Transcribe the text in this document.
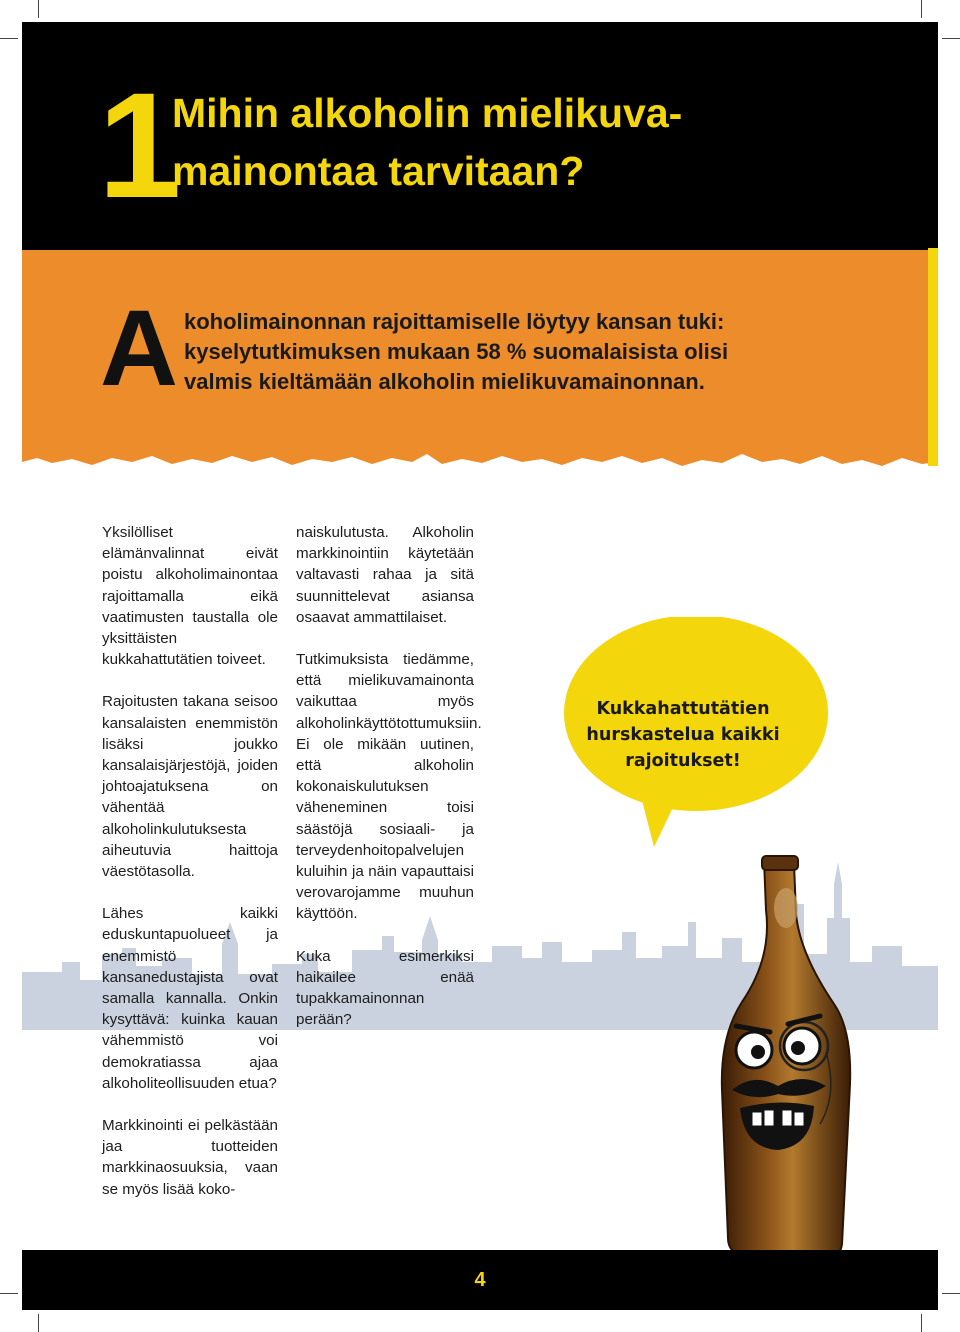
1
Mihin alkoholin mielikuva-
mainontaa tarvitaan?
A koholimainonnan rajoittamiselle löytyy kansan tuki:
kyselytutkimuksen mukaan 58 % suomalaisista olisi
valmis kieltämään alkoholin mielikuvamainonnan.

Yksilölliset elämänvalinnat eivät poistu alkoholimainontaa rajoittamalla eikä vaatimusten taustalla ole yksittäisten kukkahattutätien toiveet.

Rajoitusten takana seisoo kansalaisten enemmistön lisäksi joukko kansalaisjärjestöjä, joiden johtoajatuksena on vähentää alkoholinkulutuksesta aiheutuvia haittoja väestötasolla.

Lähes kaikki eduskuntapuolueet ja enemmistö kansanedustajista ovat samalla kannalla. Onkin kysyttävä: kuinka kauan vähemmistö voi demokratiassa ajaa alkoholiteollisuuden etua?

Markkinointi ei pelkästään jaa tuotteiden markkinaosuuksia, vaan se myös lisää koko-

naiskulutusta. Alkoholin markkinointiin käytetään valtavasti rahaa ja sitä suunnittelevat asiansa osaavat ammattilaiset.

Tutkimuksista tiedämme, että mielikuvamainonta vaikuttaa myös alkoholinkäyttötottumuksiin. Ei ole mikään uutinen, että alkoholin kokonaiskulutuksen väheneminen toisi säästöjä sosiaali- ja terveydenhoitopalvelujen kuluihin ja näin vapauttaisi verovarojamme muuhun käyttöön.

Kuka esimerkiksi haikailee enää tupakkamainonnan perään?

Kukkahattutätien
hurskastelua kaikki
rajoitukset!

4
